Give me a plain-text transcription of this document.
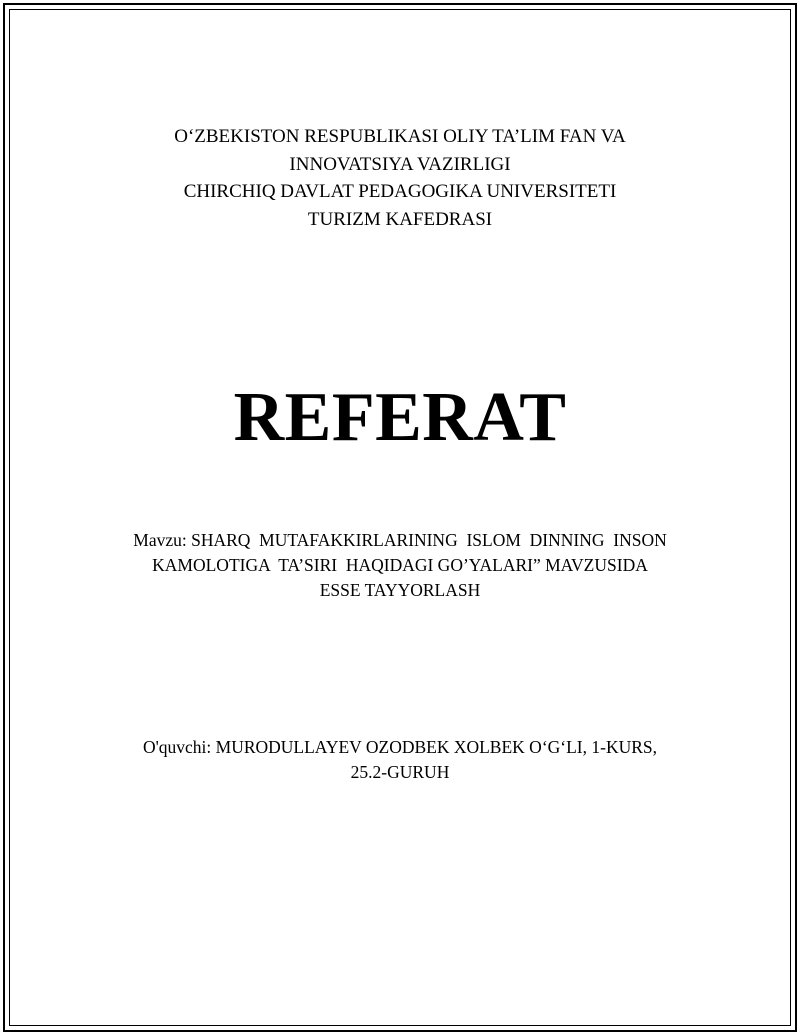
O‘ZBEKISTON RESPUBLIKASI OLIY TA’LIM FAN VA
INNOVATSIYA VAZIRLIGI
CHIRCHIQ DAVLAT PEDAGOGIKA UNIVERSITETI
TURIZM KAFEDRASI
REFERAT
Mavzu: SHARQ  MUTAFAKKIRLARINING  ISLOM  DINNING  INSON
KAMOLOTIGA  TA’SIRI  HAQIDAGI GO’YALARI” MAVZUSIDA
ESSE TAYYORLASH
O'quvchi: MURODULLAYEV OZODBEK XOLBEK O‘G‘LI, 1-KURS,
25.2-GURUH
